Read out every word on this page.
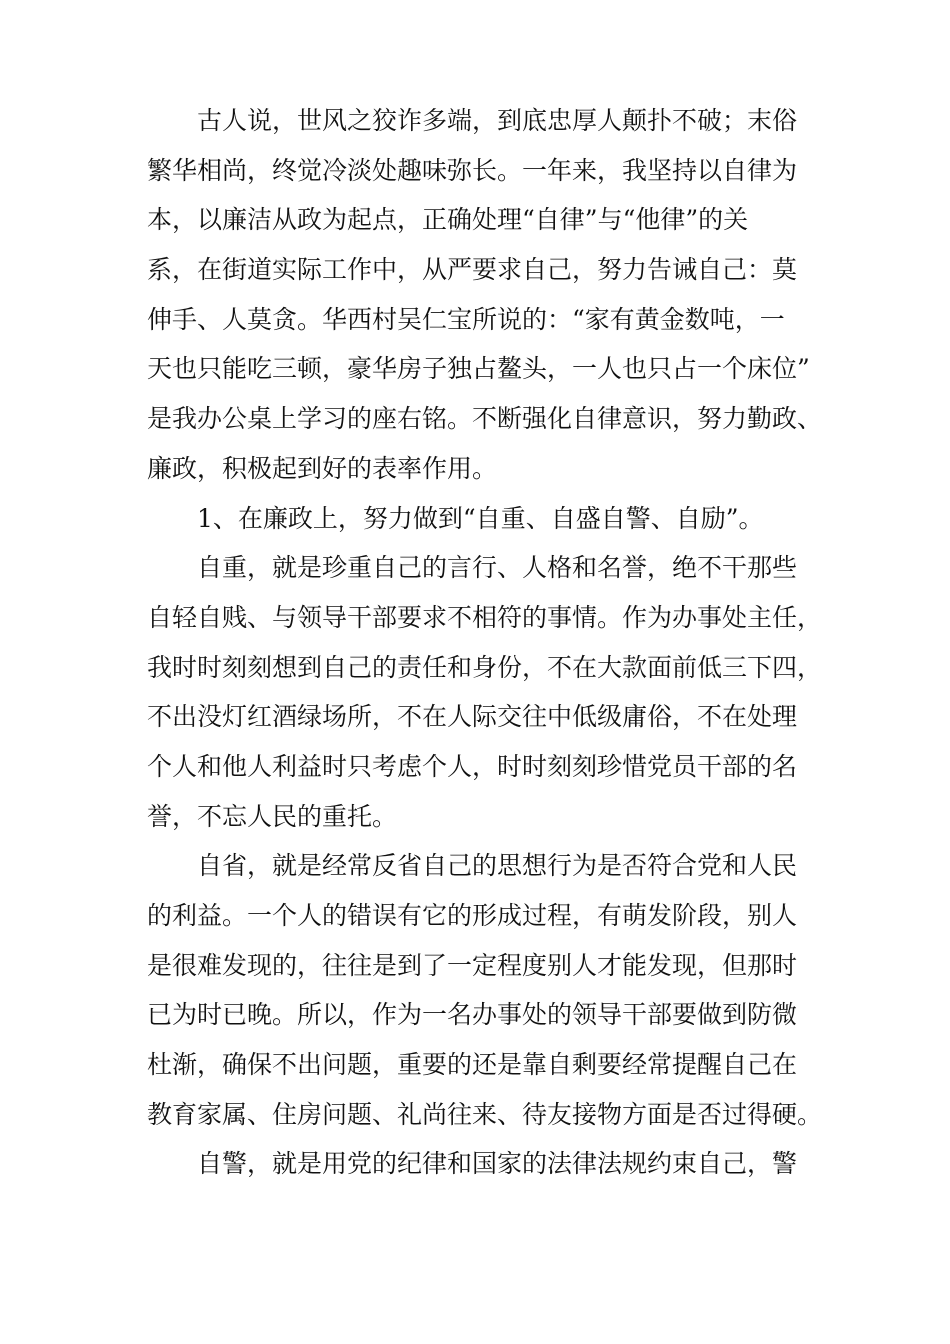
古人说，世风之狡诈多端，到底忠厚人颠扑不破；末俗
繁华相尚，终觉冷淡处趣味弥长。一年来，我坚持以自律为
本，以廉洁从政为起点，正确处理“自律”与“他律”的关
系，在街道实际工作中，从严要求自己，努力告诫自己：莫
伸手、人莫贪。华西村吴仁宝所说的：“家有黄金数吨，一
天也只能吃三顿，豪华房子独占鳌头，一人也只占一个床位”
是我办公桌上学习的座右铭。不断强化自律意识，努力勤政、
廉政，积极起到好的表率作用。
1、在廉政上，努力做到“自重、自盛自警、自励”。
自重，就是珍重自己的言行、人格和名誉，绝不干那些
自轻自贱、与领导干部要求不相符的事情。作为办事处主任，
我时时刻刻想到自己的责任和身份，不在大款面前低三下四，
不出没灯红酒绿场所，不在人际交往中低级庸俗，不在处理
个人和他人利益时只考虑个人，时时刻刻珍惜党员干部的名
誉，不忘人民的重托。
自省，就是经常反省自己的思想行为是否符合党和人民
的利益。一个人的错误有它的形成过程，有萌发阶段，别人
是很难发现的，往往是到了一定程度别人才能发现，但那时
已为时已晚。所以，作为一名办事处的领导干部要做到防微
杜渐，确保不出问题，重要的还是靠自剩要经常提醒自己在
教育家属、住房问题、礼尚往来、待友接物方面是否过得硬。
自警，就是用党的纪律和国家的法律法规约束自己，警
